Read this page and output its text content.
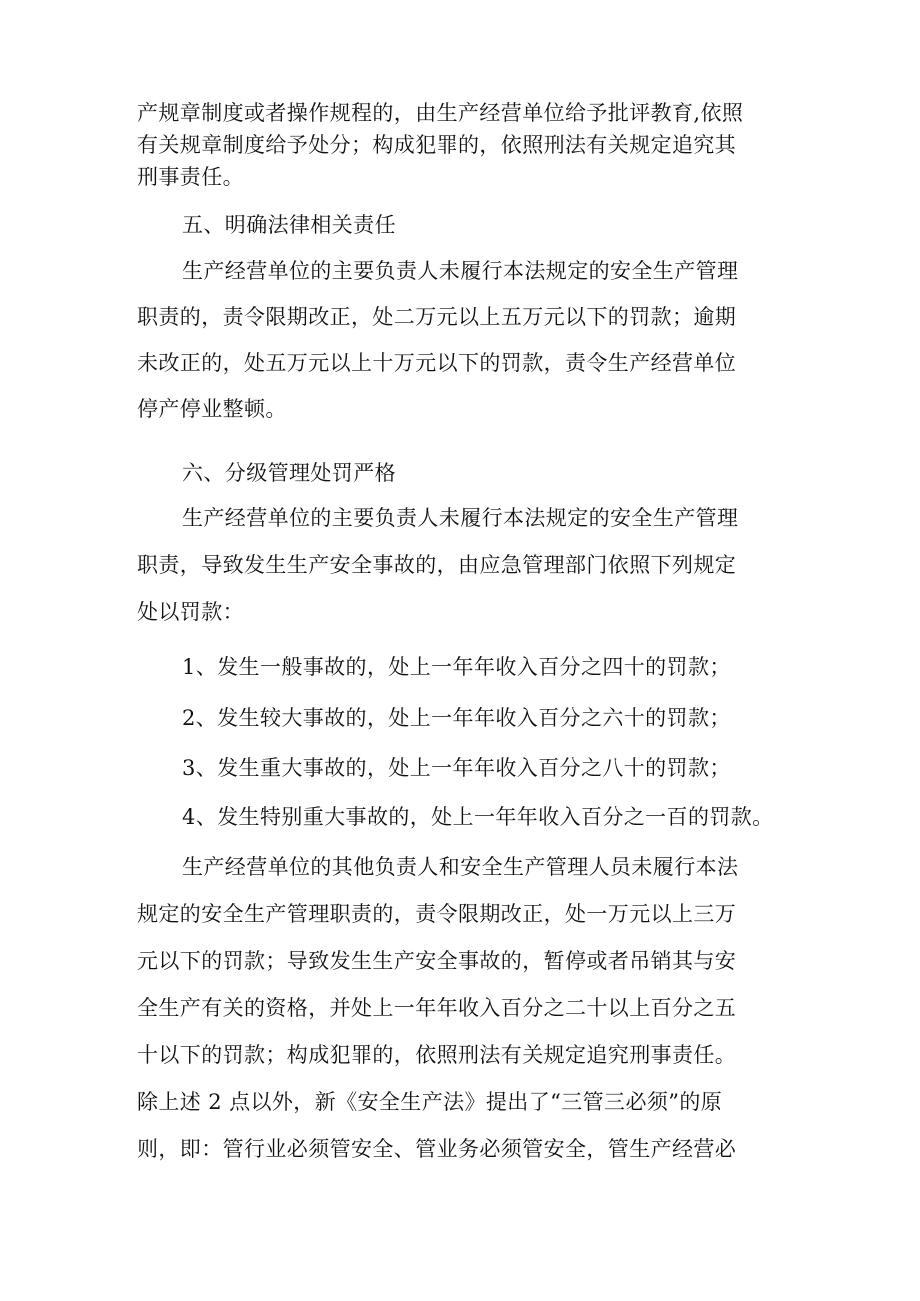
产规章制度或者操作规程的，由生产经营单位给予批评教育,依照
有关规章制度给予处分；构成犯罪的，依照刑法有关规定追究其
刑事责任。
五、明确法律相关责任
生产经营单位的主要负责人未履行本法规定的安全生产管理
职责的，责令限期改正，处二万元以上五万元以下的罚款；逾期
未改正的，处五万元以上十万元以下的罚款，责令生产经营单位
停产停业整顿。
六、分级管理处罚严格
生产经营单位的主要负责人未履行本法规定的安全生产管理
职责，导致发生生产安全事故的，由应急管理部门依照下列规定
处以罚款：
1、发生一般事故的，处上一年年收入百分之四十的罚款；
2、发生较大事故的，处上一年年收入百分之六十的罚款；
3、发生重大事故的，处上一年年收入百分之八十的罚款；
4、发生特别重大事故的，处上一年年收入百分之一百的罚款。
生产经营单位的其他负责人和安全生产管理人员未履行本法
规定的安全生产管理职责的，责令限期改正，处一万元以上三万
元以下的罚款；导致发生生产安全事故的，暂停或者吊销其与安
全生产有关的资格，并处上一年年收入百分之二十以上百分之五
十以下的罚款；构成犯罪的，依照刑法有关规定追究刑事责任。
除上述 2 点以外，新《安全生产法》提出了“三管三必须”的原
则，即：管行业必须管安全、管业务必须管安全，管生产经营必
